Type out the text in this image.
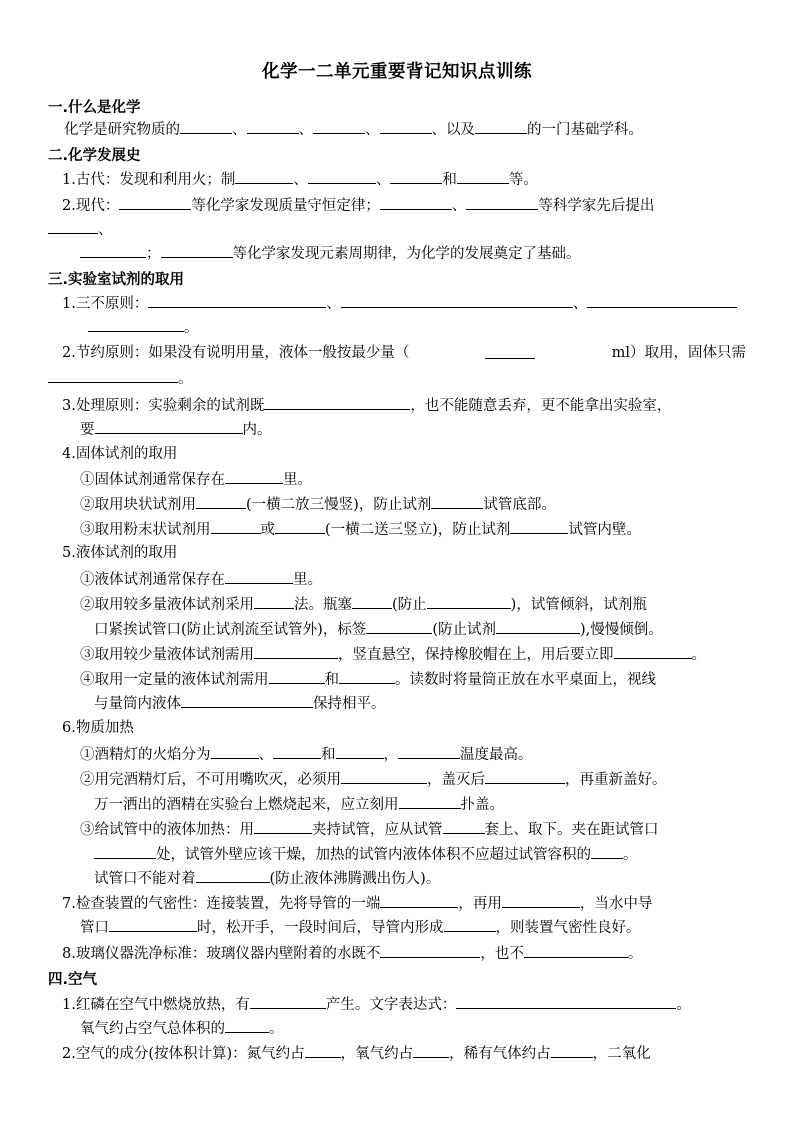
化学一二单元重要背记知识点训练
一.什么是化学
化学是研究物质的	、	、	、	、以及	的一门基础学科。
二.化学发展史
1.古代：发现和利用火；制	、	、	和	等。
2.现代：	等化学家发现质量守恒定律；	、	等科学家先后提出
、
；	等化学家发现元素周期律，为化学的发展奠定了基础。
三.实验室试剂的取用
1.三不原则：	、	、
。
2.节约原则：如果没有说明用量，液体一般按最少量（	ml）取用，固体只需
。
3.处理原则：实验剩余的试剂既	，也不能随意丢弃，更不能拿出实验室，
要	内。
4.固体试剂的取用
①固体试剂通常保存在	里。
②取用块状试剂用	(一横二放三慢竖)，防止试剂	试管底部。
③取用粉末状试剂用	或	(一横二送三竖立)，防止试剂	试管内壁。
5.液体试剂的取用
①液体试剂通常保存在	里。
②取用较多量液体试剂采用	法。瓶塞	(防止	)，试管倾斜，试剂瓶
口紧挨试管口(防止试剂流至试管外)，标签	(防止试剂	),慢慢倾倒。
③取用较少量液体试剂需用	，竖直悬空，保持橡胶帽在上，用后要立即	。
④取用一定量的液体试剂需用	和	。读数时将量筒正放在水平桌面上，视线
与量筒内液体	保持相平。
6.物质加热
①酒精灯的火焰分为	、	和	，	温度最高。
②用完酒精灯后，不可用嘴吹灭，必须用	，盖灭后	，再重新盖好。
万一洒出的酒精在实验台上燃烧起来，应立刻用	扑盖。
③给试管中的液体加热：用	夹持试管，应从试管	套上、取下。夹在距试管口
处，试管外壁应该干燥，加热的试管内液体体积不应超过试管容积的 。
试管口不能对着	(防止液体沸腾溅出伤人)。
7.检查装置的气密性：连接装置，先将导管的一端	，再用	，当水中导
管口	时，松开手，一段时间后，导管内形成	，则装置气密性良好。
8.玻璃仪器洗净标准：玻璃仪器内壁附着的水既不	，也不	。
四.空气
1.红磷在空气中燃烧放热，有	产生。文字表达式：	。
氧气约占空气总体积的	。
2.空气的成分(按体积计算)：氮气约占 ，氧气约占 ，稀有气体约占	，二氧化
